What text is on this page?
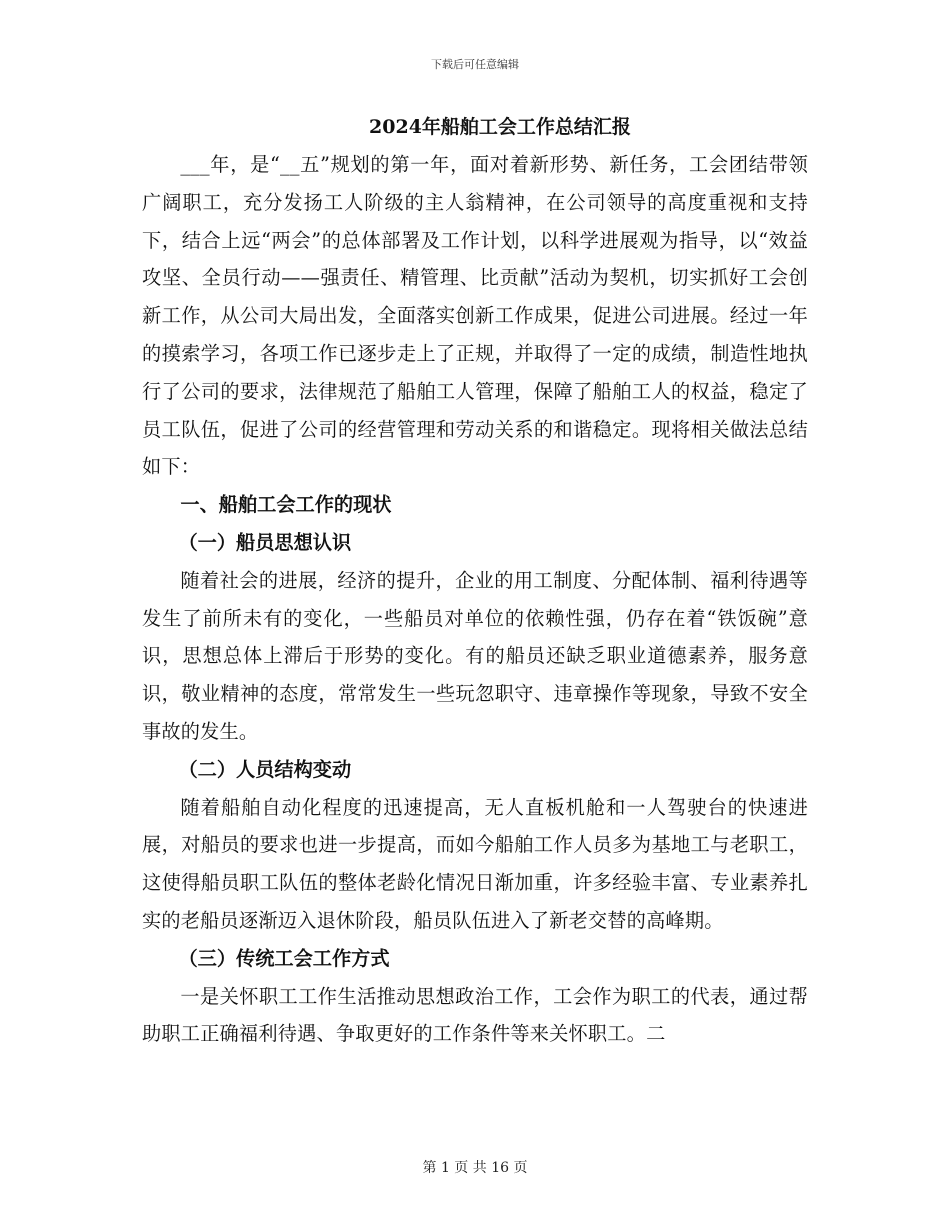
下载后可任意编辑
2024年船舶工会工作总结汇报

___年，是“__五”规划的第一年，面对着新形势、新任务，工会团结带领广阔职工，充分发扬工人阶级的主人翁精神，在公司领导的高度重视和支持下，结合上远“两会”的总体部署及工作计划，以科学进展观为指导，以“效益攻坚、全员行动——强责任、精管理、比贡献”活动为契机，切实抓好工会创新工作，从公司大局出发，全面落实创新工作成果，促进公司进展。经过一年的摸索学习，各项工作已逐步走上了正规，并取得了一定的成绩，制造性地执行了公司的要求，法律规范了船舶工人管理，保障了船舶工人的权益，稳定了员工队伍，促进了公司的经营管理和劳动关系的和谐稳定。现将相关做法总结如下：

一、船舶工会工作的现状
（一）船员思想认识

随着社会的进展，经济的提升，企业的用工制度、分配体制、福利待遇等发生了前所未有的变化，一些船员对单位的依赖性强，仍存在着“铁饭碗”意识，思想总体上滞后于形势的变化。有的船员还缺乏职业道德素养，服务意识，敬业精神的态度，常常发生一些玩忽职守、违章操作等现象，导致不安全事故的发生。

（二）人员结构变动

随着船舶自动化程度的迅速提高，无人直板机舱和一人驾驶台的快速进展，对船员的要求也进一步提高，而如今船舶工作人员多为基地工与老职工，这使得船员职工队伍的整体老龄化情况日渐加重，许多经验丰富、专业素养扎实的老船员逐渐迈入退休阶段，船员队伍进入了新老交替的高峰期。

（三）传统工会工作方式

一是关怀职工工作生活推动思想政治工作，工会作为职工的代表，通过帮助职工正确福利待遇、争取更好的工作条件等来关怀职工。二

第 1 页 共 16 页
